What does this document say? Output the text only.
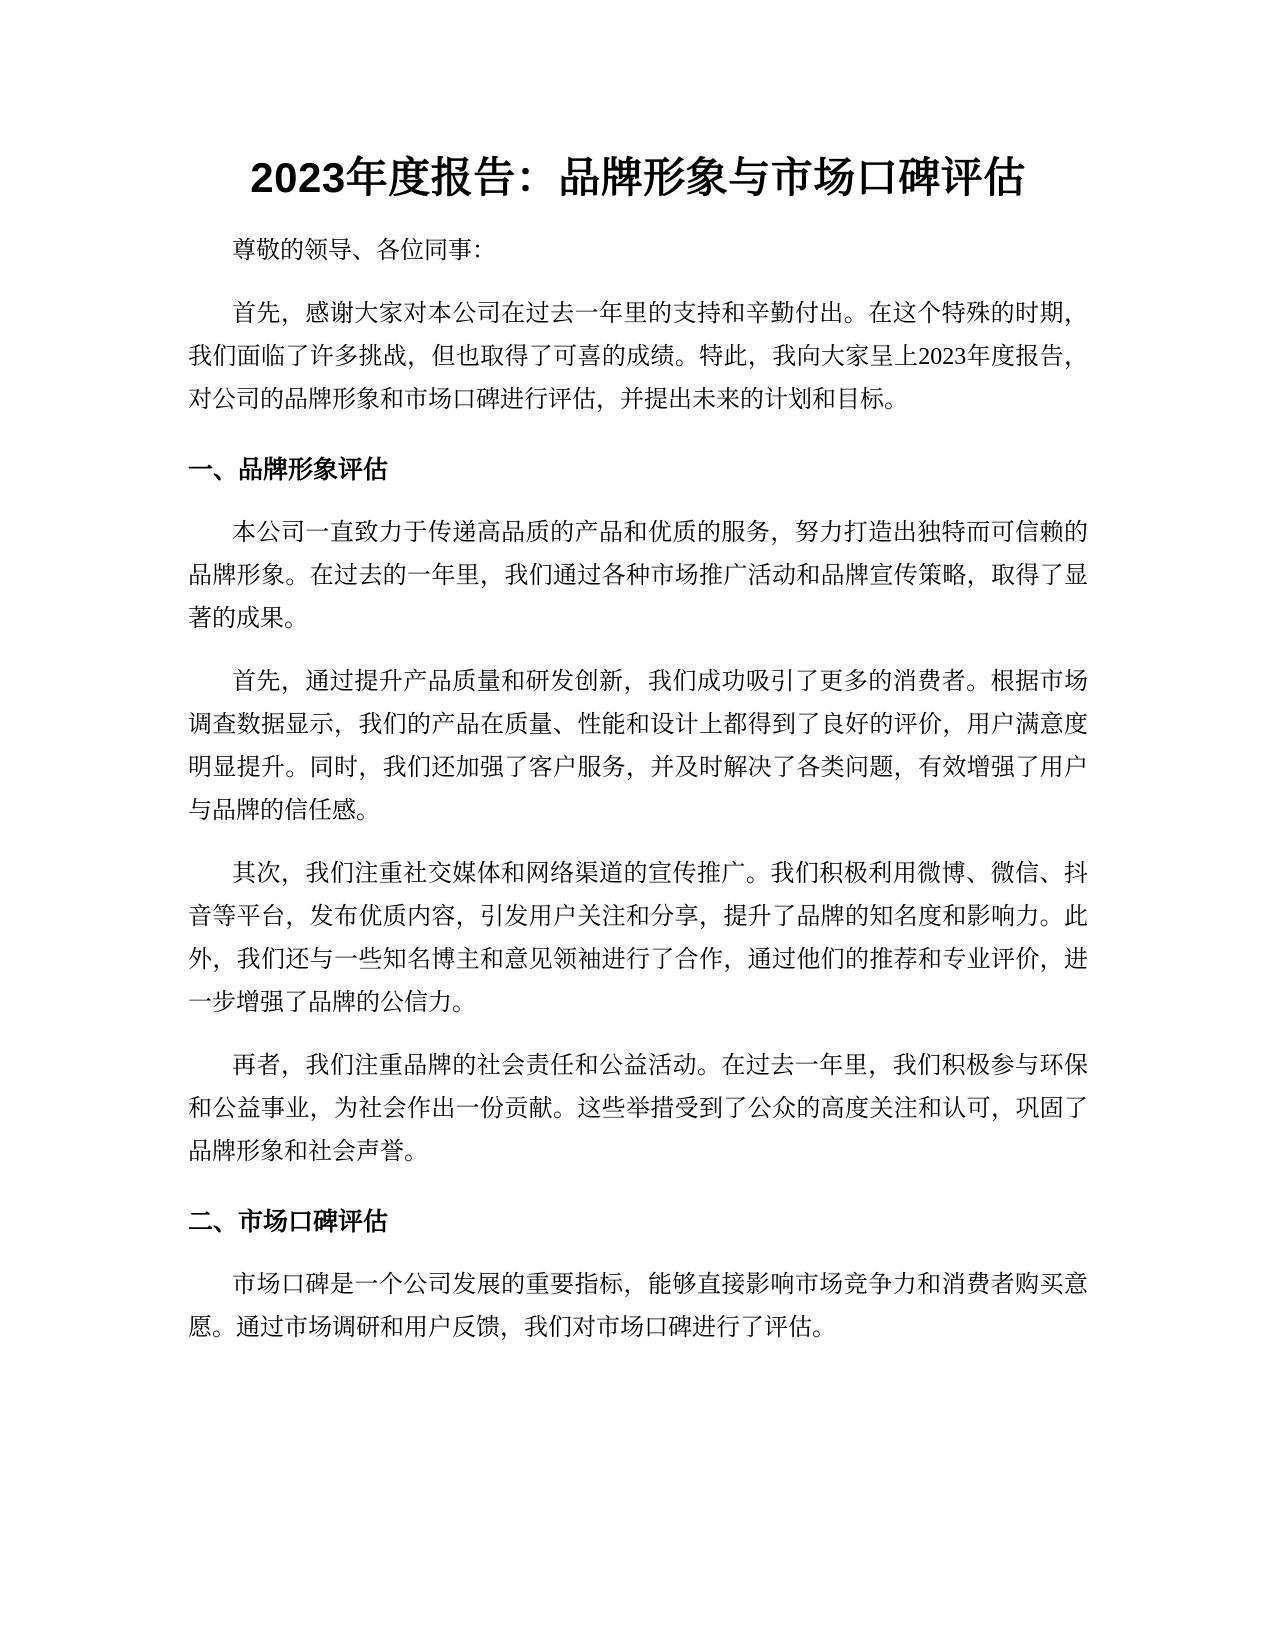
2023年度报告：品牌形象与市场口碑评估

尊敬的领导、各位同事：

首先，感谢大家对本公司在过去一年里的支持和辛勤付出。在这个特殊的时期，我们面临了许多挑战，但也取得了可喜的成绩。特此，我向大家呈上2023年度报告，对公司的品牌形象和市场口碑进行评估，并提出未来的计划和目标。

一、品牌形象评估

本公司一直致力于传递高品质的产品和优质的服务，努力打造出独特而可信赖的品牌形象。在过去的一年里，我们通过各种市场推广活动和品牌宣传策略，取得了显著的成果。

首先，通过提升产品质量和研发创新，我们成功吸引了更多的消费者。根据市场调查数据显示，我们的产品在质量、性能和设计上都得到了良好的评价，用户满意度明显提升。同时，我们还加强了客户服务，并及时解决了各类问题，有效增强了用户与品牌的信任感。

其次，我们注重社交媒体和网络渠道的宣传推广。我们积极利用微博、微信、抖音等平台，发布优质内容，引发用户关注和分享，提升了品牌的知名度和影响力。此外，我们还与一些知名博主和意见领袖进行了合作，通过他们的推荐和专业评价，进一步增强了品牌的公信力。

再者，我们注重品牌的社会责任和公益活动。在过去一年里，我们积极参与环保和公益事业，为社会作出一份贡献。这些举措受到了公众的高度关注和认可，巩固了品牌形象和社会声誉。

二、市场口碑评估

市场口碑是一个公司发展的重要指标，能够直接影响市场竞争力和消费者购买意愿。通过市场调研和用户反馈，我们对市场口碑进行了评估。
